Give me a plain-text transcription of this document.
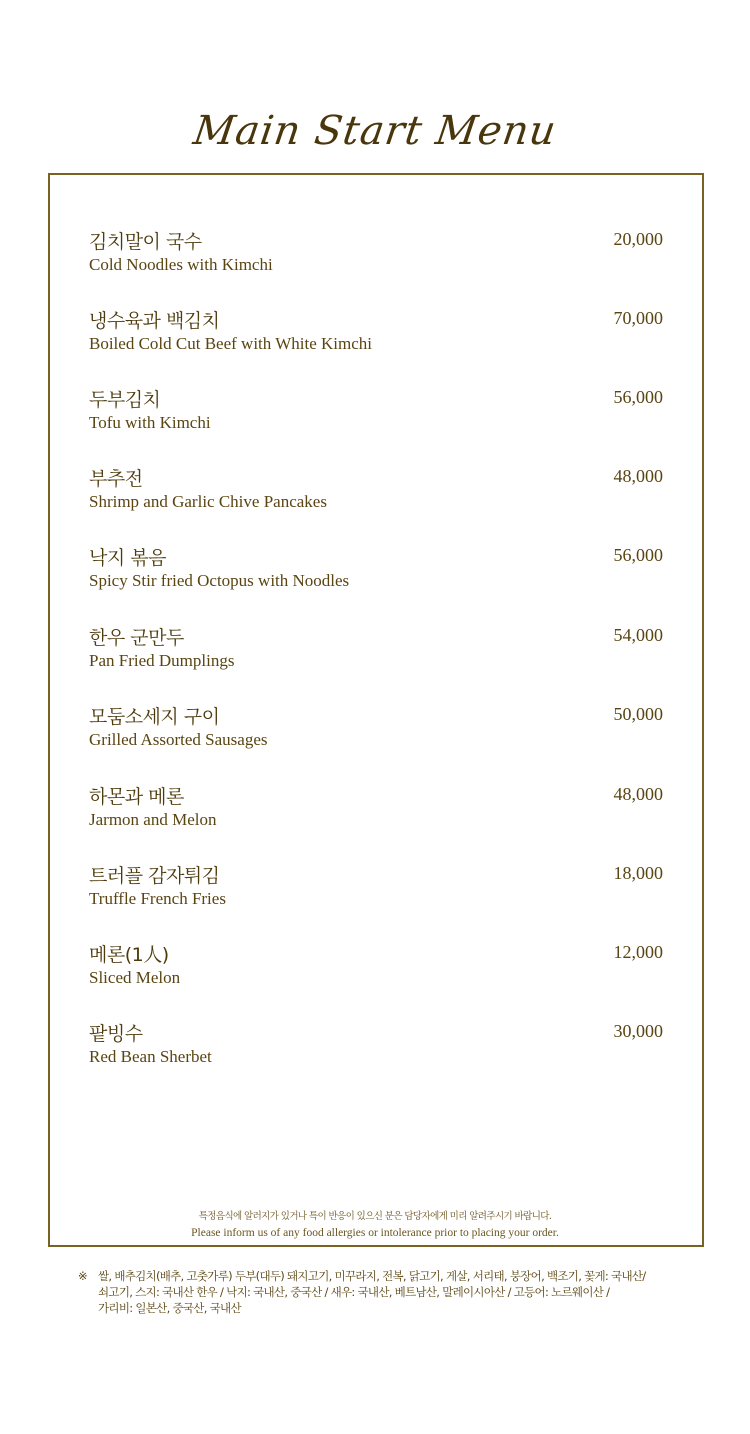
Main Start Menu
김치말이 국수
Cold Noodles with Kimchi
20,000
냉수육과 백김치
Boiled Cold Cut Beef with White Kimchi
70,000
두부김치
Tofu with Kimchi
56,000
부추전
Shrimp and Garlic Chive Pancakes
48,000
낙지 볶음
Spicy Stir fried Octopus with Noodles
56,000
한우 군만두
Pan Fried Dumplings
54,000
모둠소세지 구이
Grilled Assorted Sausages
50,000
하몬과 메론
Jarmon and Melon
48,000
트러플 감자튀김
Truffle French Fries
18,000
메론(1人)
Sliced Melon
12,000
팥빙수
Red Bean Sherbet
30,000
특정음식에 알러지가 있거나 특이 반응이 있으신 분은 담당자에게 미리 알려주시기 바랍니다.
Please inform us of any food allergies or intolerance prior to placing your order.
※ 쌀, 배추김치(배추, 고춧가루) 두부(대두) 돼지고기, 미꾸라지, 전복, 닭고기, 게살, 서리태, 붕장어, 백조기, 꽃게: 국내산/
쇠고기, 스지: 국내산 한우 / 낙지: 국내산, 중국산 / 새우: 국내산, 베트남산, 말레이시아산 / 고등어: 노르웨이산 /
가리비: 일본산, 중국산, 국내산
